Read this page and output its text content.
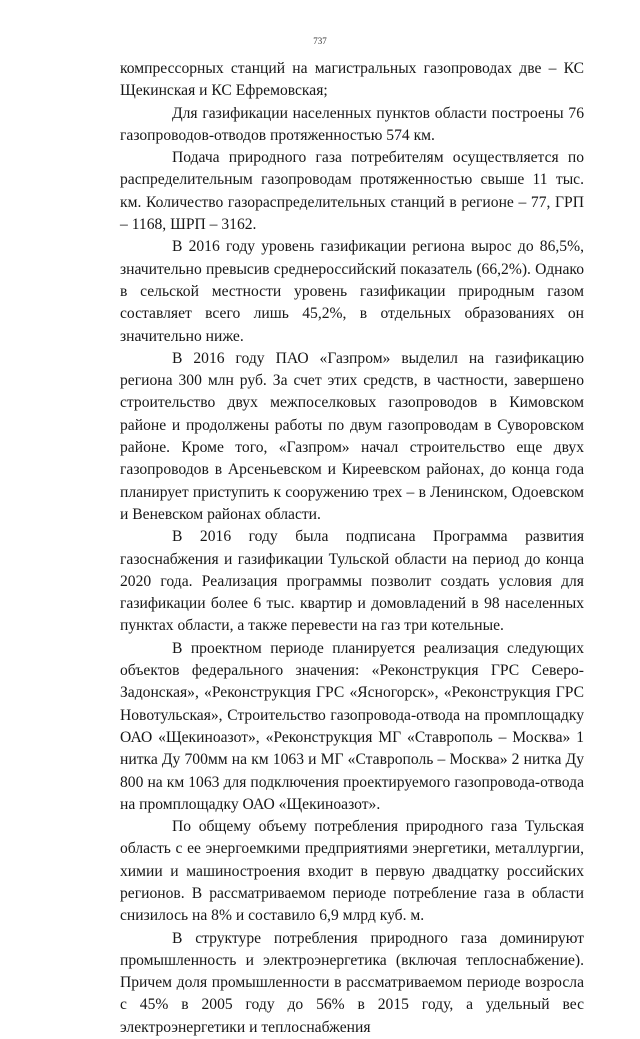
737

компрессорных станций на магистральных газопроводах две – КС Щекинская и КС Ефремовская;

Для газификации населенных пунктов области построены 76 газопроводов-отводов протяженностью 574 км.

Подача природного газа потребителям осуществляется по распределительным газопроводам протяженностью свыше 11 тыс. км. Количество газораспределительных станций в регионе – 77, ГРП – 1168, ШРП – 3162.

В 2016 году уровень газификации региона вырос до 86,5%, значительно превысив среднероссийский показатель (66,2%). Однако в сельской местности уровень газификации природным газом составляет всего лишь 45,2%, в отдельных образованиях он значительно ниже.

В 2016 году ПАО «Газпром» выделил на газификацию региона 300 млн руб. За счет этих средств, в частности, завершено строительство двух межпоселковых газопроводов в Кимовском районе и продолжены работы по двум газопроводам в Суворовском районе. Кроме того, «Газпром» начал строительство еще двух газопроводов в Арсеньевском и Киреевском районах, до конца года планирует приступить к сооружению трех – в Ленинском, Одоевском и Веневском районах области.

В 2016 году была подписана Программа развития газоснабжения и газификации Тульской области на период до конца 2020 года. Реализация программы позволит создать условия для газификации более 6 тыс. квартир и домовладений в 98 населенных пунктах области, а также перевести на газ три котельные.

В проектном периоде планируется реализация следующих объектов федерального значения: «Реконструкция ГРС Северо-Задонская», «Реконструкция ГРС «Ясногорск», «Реконструкция ГРС Новотульская», Строительство газопровода-отвода на промплощадку ОАО «Щекиноазот», «Реконструкция МГ «Ставрополь – Москва» 1 нитка Ду 700мм на км 1063 и МГ «Ставрополь – Москва» 2 нитка Ду 800 на км 1063 для подключения проектируемого газопровода-отвода на промплощадку ОАО «Щекиноазот».

По общему объему потребления природного газа Тульская область с ее энергоемкими предприятиями энергетики, металлургии, химии и машиностроения входит в первую двадцатку российских регионов. В рассматриваемом периоде потребление газа в области снизилось на 8% и составило 6,9 млрд куб. м.

В структуре потребления природного газа доминируют промышленность и электроэнергетика (включая теплоснабжение). Причем доля промышленности в рассматриваемом периоде возросла с 45% в 2005 году до 56% в 2015 году, а удельный вес электроэнергетики и теплоснабжения
